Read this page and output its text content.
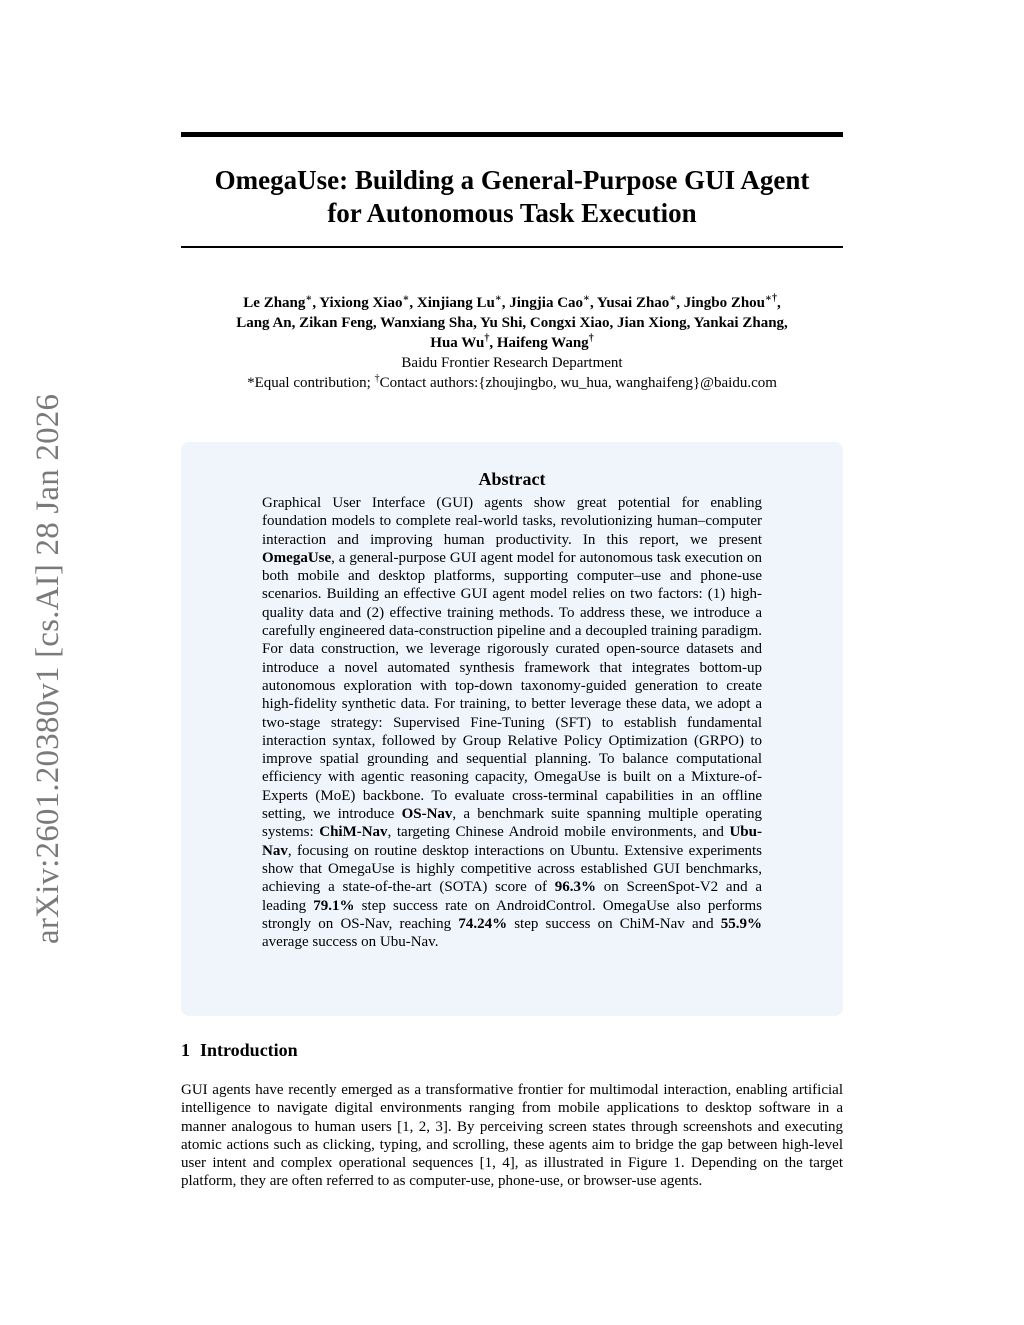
arXiv:2601.20380v1 [cs.AI] 28 Jan 2026
OmegaUse: Building a General-Purpose GUI Agent
for Autonomous Task Execution
Le Zhang∗, Yixiong Xiao∗, Xinjiang Lu∗, Jingjia Cao∗, Yusai Zhao∗, Jingbo Zhou∗†,
Lang An, Zikan Feng, Wanxiang Sha, Yu Shi, Congxi Xiao, Jian Xiong, Yankai Zhang,
Hua Wu†, Haifeng Wang†
Baidu Frontier Research Department
*Equal contribution; †Contact authors:{zhoujingbo, wu_hua, wanghaifeng}@baidu.com
Abstract

Graphical User Interface (GUI) agents show great potential for enabling foundation models to complete real-world tasks, revolutionizing human–computer interaction and improving human productivity. In this report, we present OmegaUse, a general-purpose GUI agent model for autonomous task execution on both mobile and desktop platforms, supporting computer–use and phone-use scenarios. Building an effective GUI agent model relies on two factors: (1) high-quality data and (2) effective training methods. To address these, we introduce a carefully engineered data-construction pipeline and a decoupled training paradigm. For data construction, we leverage rigorously curated open-source datasets and introduce a novel automated synthesis framework that integrates bottom-up autonomous exploration with top-down taxonomy-guided generation to create high-fidelity synthetic data. For training, to better leverage these data, we adopt a two-stage strategy: Supervised Fine-Tuning (SFT) to establish fundamental interaction syntax, followed by Group Relative Policy Optimization (GRPO) to improve spatial grounding and sequential planning. To balance computational efficiency with agentic reasoning capacity, OmegaUse is built on a Mixture-of-Experts (MoE) backbone. To evaluate cross-terminal capabilities in an offline setting, we introduce OS-Nav, a benchmark suite spanning multiple operating systems: ChiM-Nav, targeting Chinese Android mobile environments, and Ubu-Nav, focusing on routine desktop interactions on Ubuntu. Extensive experiments show that OmegaUse is highly competitive across established GUI benchmarks, achieving a state-of-the-art (SOTA) score of 96.3% on ScreenSpot-V2 and a leading 79.1% step success rate on AndroidControl. OmegaUse also performs strongly on OS-Nav, reaching 74.24% step success on ChiM-Nav and 55.9% average success on Ubu-Nav.

1 Introduction

GUI agents have recently emerged as a transformative frontier for multimodal interaction, enabling artificial intelligence to navigate digital environments ranging from mobile applications to desktop software in a manner analogous to human users [1, 2, 3]. By perceiving screen states through screenshots and executing atomic actions such as clicking, typing, and scrolling, these agents aim to bridge the gap between high-level user intent and complex operational sequences [1, 4], as illustrated in Figure 1. Depending on the target platform, they are often referred to as computer-use, phone-use, or browser-use agents.
